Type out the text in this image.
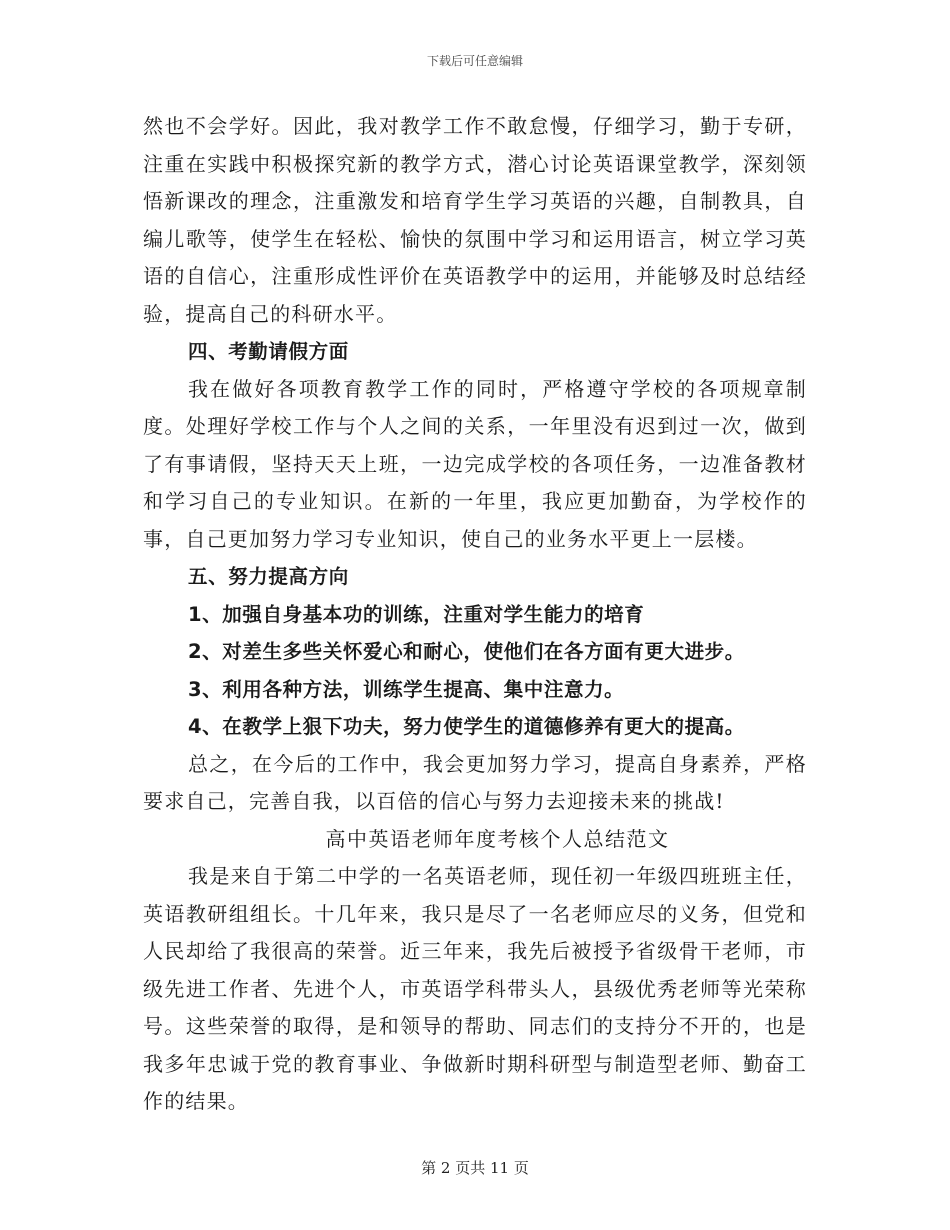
下载后可任意编辑

然也不会学好。因此，我对教学工作不敢怠慢，仔细学习，勤于专研，注重在实践中积极探究新的教学方式，潜心讨论英语课堂教学，深刻领悟新课改的理念，注重激发和培育学生学习英语的兴趣，自制教具，自编儿歌等，使学生在轻松、愉快的氛围中学习和运用语言，树立学习英语的自信心，注重形成性评价在英语教学中的运用，并能够及时总结经验，提高自己的科研水平。

四、考勤请假方面

我在做好各项教育教学工作的同时，严格遵守学校的各项规章制度。处理好学校工作与个人之间的关系，一年里没有迟到过一次，做到了有事请假，坚持天天上班，一边完成学校的各项任务，一边准备教材和学习自己的专业知识。在新的一年里，我应更加勤奋，为学校作的事，自己更加努力学习专业知识，使自己的业务水平更上一层楼。

五、努力提高方向

1、加强自身基本功的训练，注重对学生能力的培育

2、对差生多些关怀爱心和耐心，使他们在各方面有更大进步。

3、利用各种方法，训练学生提高、集中注意力。

4、在教学上狠下功夫，努力使学生的道德修养有更大的提高。

总之，在今后的工作中，我会更加努力学习，提高自身素养，严格要求自己，完善自我，以百倍的信心与努力去迎接未来的挑战!

高中英语老师年度考核个人总结范文

我是来自于第二中学的一名英语老师，现任初一年级四班班主任，英语教研组组长。十几年来，我只是尽了一名老师应尽的义务，但党和人民却给了我很高的荣誉。近三年来，我先后被授予省级骨干老师，市级先进工作者、先进个人，市英语学科带头人，县级优秀老师等光荣称号。这些荣誉的取得，是和领导的帮助、同志们的支持分不开的，也是我多年忠诚于党的教育事业、争做新时期科研型与制造型老师、勤奋工作的结果。

第 2 页共 11 页
